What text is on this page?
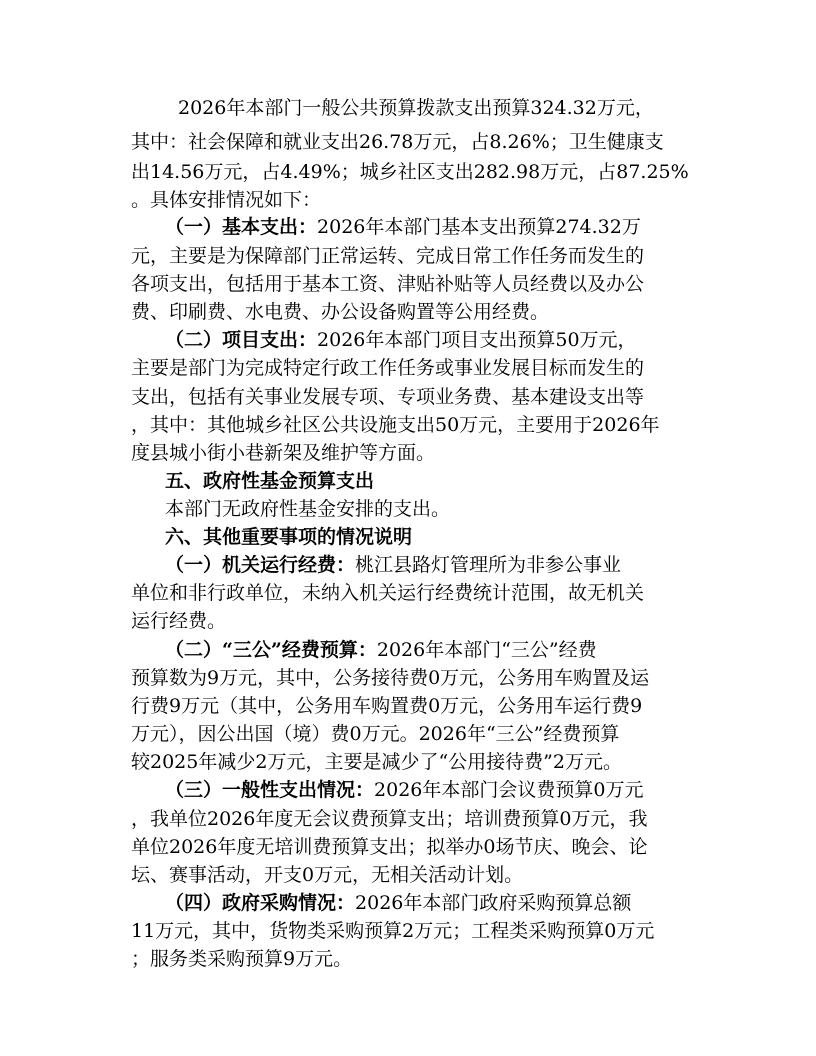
2026年本部门一般公共预算拨款支出预算324.32万元，

其中：社会保障和就业支出26.78万元，占8.26%；卫生健康支

出14.56万元，占4.49%；城乡社区支出282.98万元，占87.25%

。具体安排情况如下：

（一）基本支出：2026年本部门基本支出预算274.32万

元，主要是为保障部门正常运转、完成日常工作任务而发生的

各项支出，包括用于基本工资、津贴补贴等人员经费以及办公

费、印刷费、水电费、办公设备购置等公用经费。

（二）项目支出：2026年本部门项目支出预算50万元，

主要是部门为完成特定行政工作任务或事业发展目标而发生的

支出，包括有关事业发展专项、专项业务费、基本建设支出等

，其中：其他城乡社区公共设施支出50万元，主要用于2026年

度县城小街小巷新架及维护等方面。

五、政府性基金预算支出

本部门无政府性基金安排的支出。

六、其他重要事项的情况说明

（一）机关运行经费：桃江县路灯管理所为非参公事业

单位和非行政单位，未纳入机关运行经费统计范围，故无机关

运行经费。

（二）“三公”经费预算：2026年本部门“三公”经费

预算数为9万元，其中，公务接待费0万元，公务用车购置及运

行费9万元（其中，公务用车购置费0万元，公务用车运行费9

万元），因公出国（境）费0万元。2026年“三公”经费预算

较2025年减少2万元，主要是减少了“公用接待费”2万元。

（三）一般性支出情况：2026年本部门会议费预算0万元

，我单位2026年度无会议费预算支出；培训费预算0万元，我

单位2026年度无培训费预算支出；拟举办0场节庆、晚会、论

坛、赛事活动，开支0万元，无相关活动计划。

（四）政府采购情况：2026年本部门政府采购预算总额

11万元，其中，货物类采购预算2万元；工程类采购预算0万元

；服务类采购预算9万元。
